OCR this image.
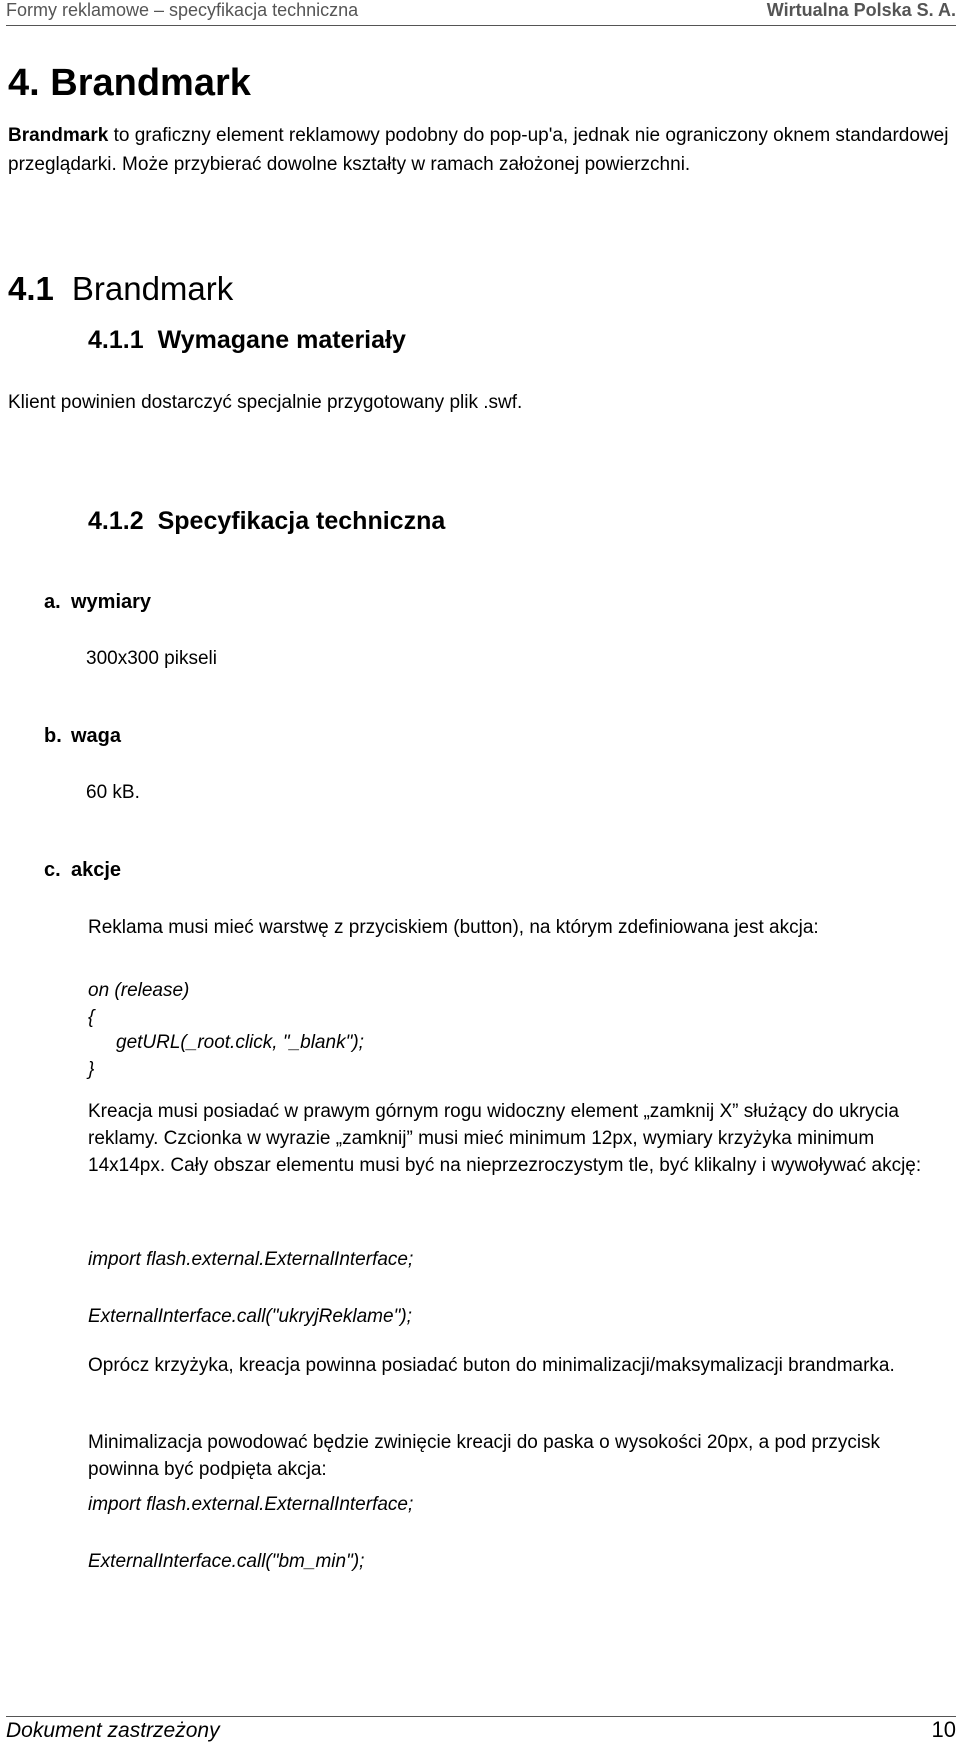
Formy reklamowe – specyfikacja techniczna	Wirtualna Polska S. A.
4. Brandmark
Brandmark to graficzny element reklamowy podobny do pop-up'a, jednak nie ograniczony oknem standardowej przeglądarki. Może przybierać dowolne kształty w ramach założonej powierzchni.
4.1 Brandmark
4.1.1 Wymagane materiały
Klient powinien dostarczyć specjalnie przygotowany plik .swf.
4.1.2 Specyfikacja techniczna
a. wymiary
300x300 pikseli
b. waga
60 kB.
c. akcje
Reklama musi mieć warstwę z przyciskiem (button), na którym zdefiniowana jest akcja:
on (release)
{
getURL(_root.click, "_blank");
}
Kreacja musi posiadać w prawym górnym rogu widoczny element „zamknij X” służący do ukrycia reklamy. Czcionka w wyrazie „zamknij” musi mieć minimum 12px, wymiary krzyżyka minimum 14x14px. Cały obszar elementu musi być na nieprzezroczystym tle, być klikalny i wywoływać akcję:
import flash.external.ExternalInterface;
ExternalInterface.call("ukryjReklame");
Oprócz krzyżyka, kreacja powinna posiadać buton do minimalizacji/maksymalizacji brandmarka.
Minimalizacja powodować będzie zwinięcie kreacji do paska o wysokości 20px, a pod przycisk powinna być podpięta akcja:
import flash.external.ExternalInterface;
ExternalInterface.call("bm_min");
Dokument zastrzeżony	10
